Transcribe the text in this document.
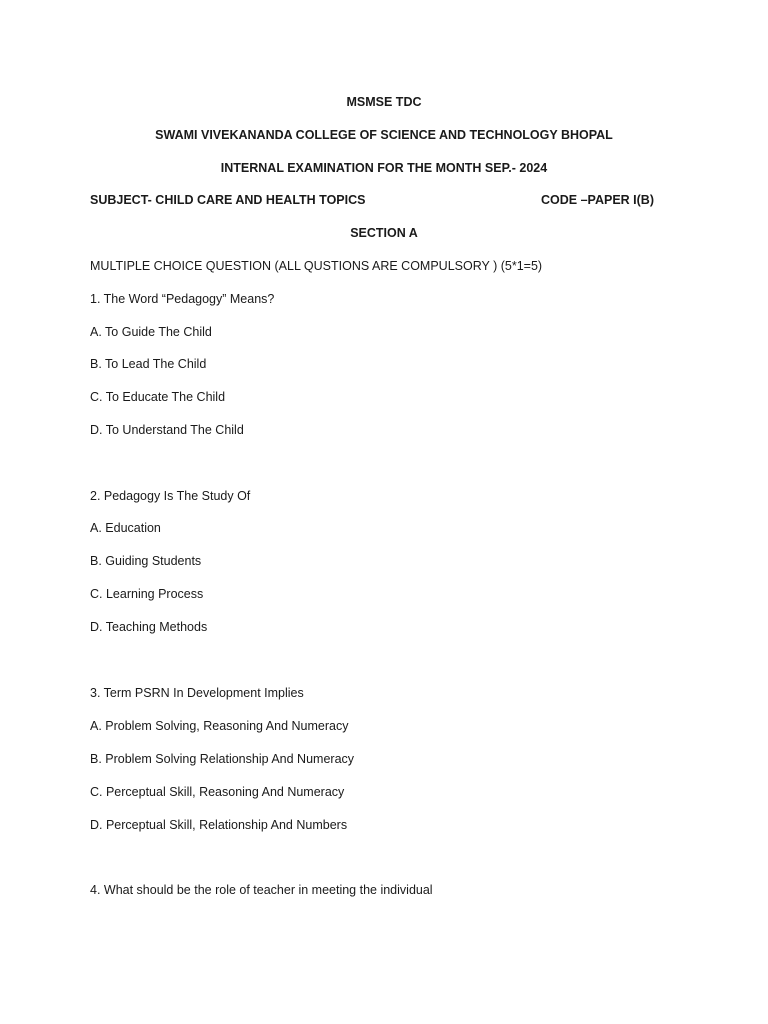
MSMSE TDC
SWAMI VIVEKANANDA COLLEGE OF SCIENCE AND TECHNOLOGY BHOPAL
INTERNAL EXAMINATION FOR THE MONTH SEP.- 2024
SUBJECT- CHILD CARE AND HEALTH TOPICS	CODE –PAPER I(B)
SECTION A
MULTIPLE CHOICE QUESTION (ALL QUSTIONS ARE COMPULSORY ) (5*1=5)
1. The Word “Pedagogy” Means?
A. To Guide The Child
B. To Lead The Child
C. To Educate The Child
D. To Understand The Child
2. Pedagogy Is The Study Of
A. Education
B. Guiding Students
C. Learning Process
D. Teaching Methods
3. Term PSRN In Development Implies
A. Problem Solving, Reasoning And Numeracy
B. Problem Solving Relationship And Numeracy
C. Perceptual Skill, Reasoning And Numeracy
D. Perceptual Skill, Relationship And Numbers
4. What should be the role of teacher in meeting the individual
